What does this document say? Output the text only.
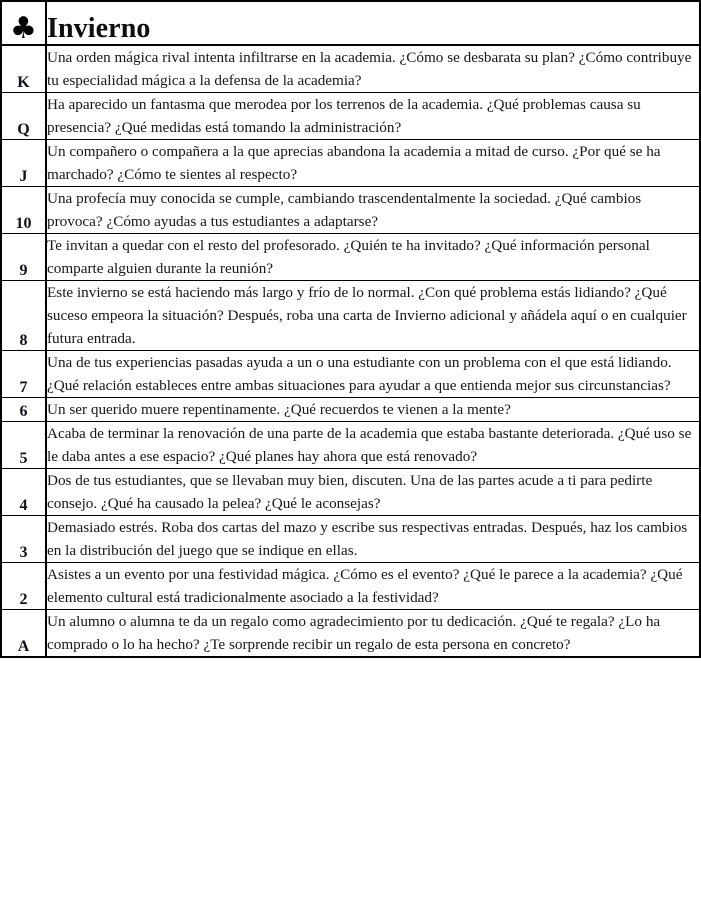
♣	Invierno
K	Una orden mágica rival intenta infiltrarse en la academia. ¿Cómo se desbarata su plan? ¿Cómo contribuye tu especialidad mágica a la defensa de la academia?

Q	Ha aparecido un fantasma que merodea por los terrenos de la academia. ¿Qué problemas causa su presencia? ¿Qué medidas está tomando la administración?

J	Un compañero o compañera a la que aprecias abandona la academia a mitad de curso. ¿Por qué se ha marchado? ¿Cómo te sientes al respecto?

10	Una profecía muy conocida se cumple, cambiando trascendentalmente la sociedad. ¿Qué cambios provoca? ¿Cómo ayudas a tus estudiantes a adaptarse?

9	Te invitan a quedar con el resto del profesorado. ¿Quién te ha invitado? ¿Qué información personal comparte alguien durante la reunión?

8	Este invierno se está haciendo más largo y frío de lo normal. ¿Con qué problema estás lidiando? ¿Qué suceso empeora la situación? Después, roba una carta de Invierno adicional y añádela aquí o en cualquier futura entrada.

7	Una de tus experiencias pasadas ayuda a un o una estudiante con un problema con el que está lidiando. ¿Qué relación estableces entre ambas situaciones para ayudar a que entienda mejor sus circunstancias?

6	Un ser querido muere repentinamente. ¿Qué recuerdos te vienen a la mente?

5	Acaba de terminar la renovación de una parte de la academia que estaba bastante deteriorada. ¿Qué uso se le daba antes a ese espacio? ¿Qué planes hay ahora que está renovado?

4	Dos de tus estudiantes, que se llevaban muy bien, discuten. Una de las partes acude a ti para pedirte consejo. ¿Qué ha causado la pelea? ¿Qué le aconsejas?

3	Demasiado estrés. Roba dos cartas del mazo y escribe sus respectivas entradas. Después, haz los cambios en la distribución del juego que se indique en ellas.

2	Asistes a un evento por una festividad mágica. ¿Cómo es el evento? ¿Qué le parece a la academia? ¿Qué elemento cultural está tradicionalmente asociado a la festividad?

A	Un alumno o alumna te da un regalo como agradecimiento por tu dedicación. ¿Qué te regala? ¿Lo ha comprado o lo ha hecho? ¿Te sorprende recibir un regalo de esta persona en concreto?
